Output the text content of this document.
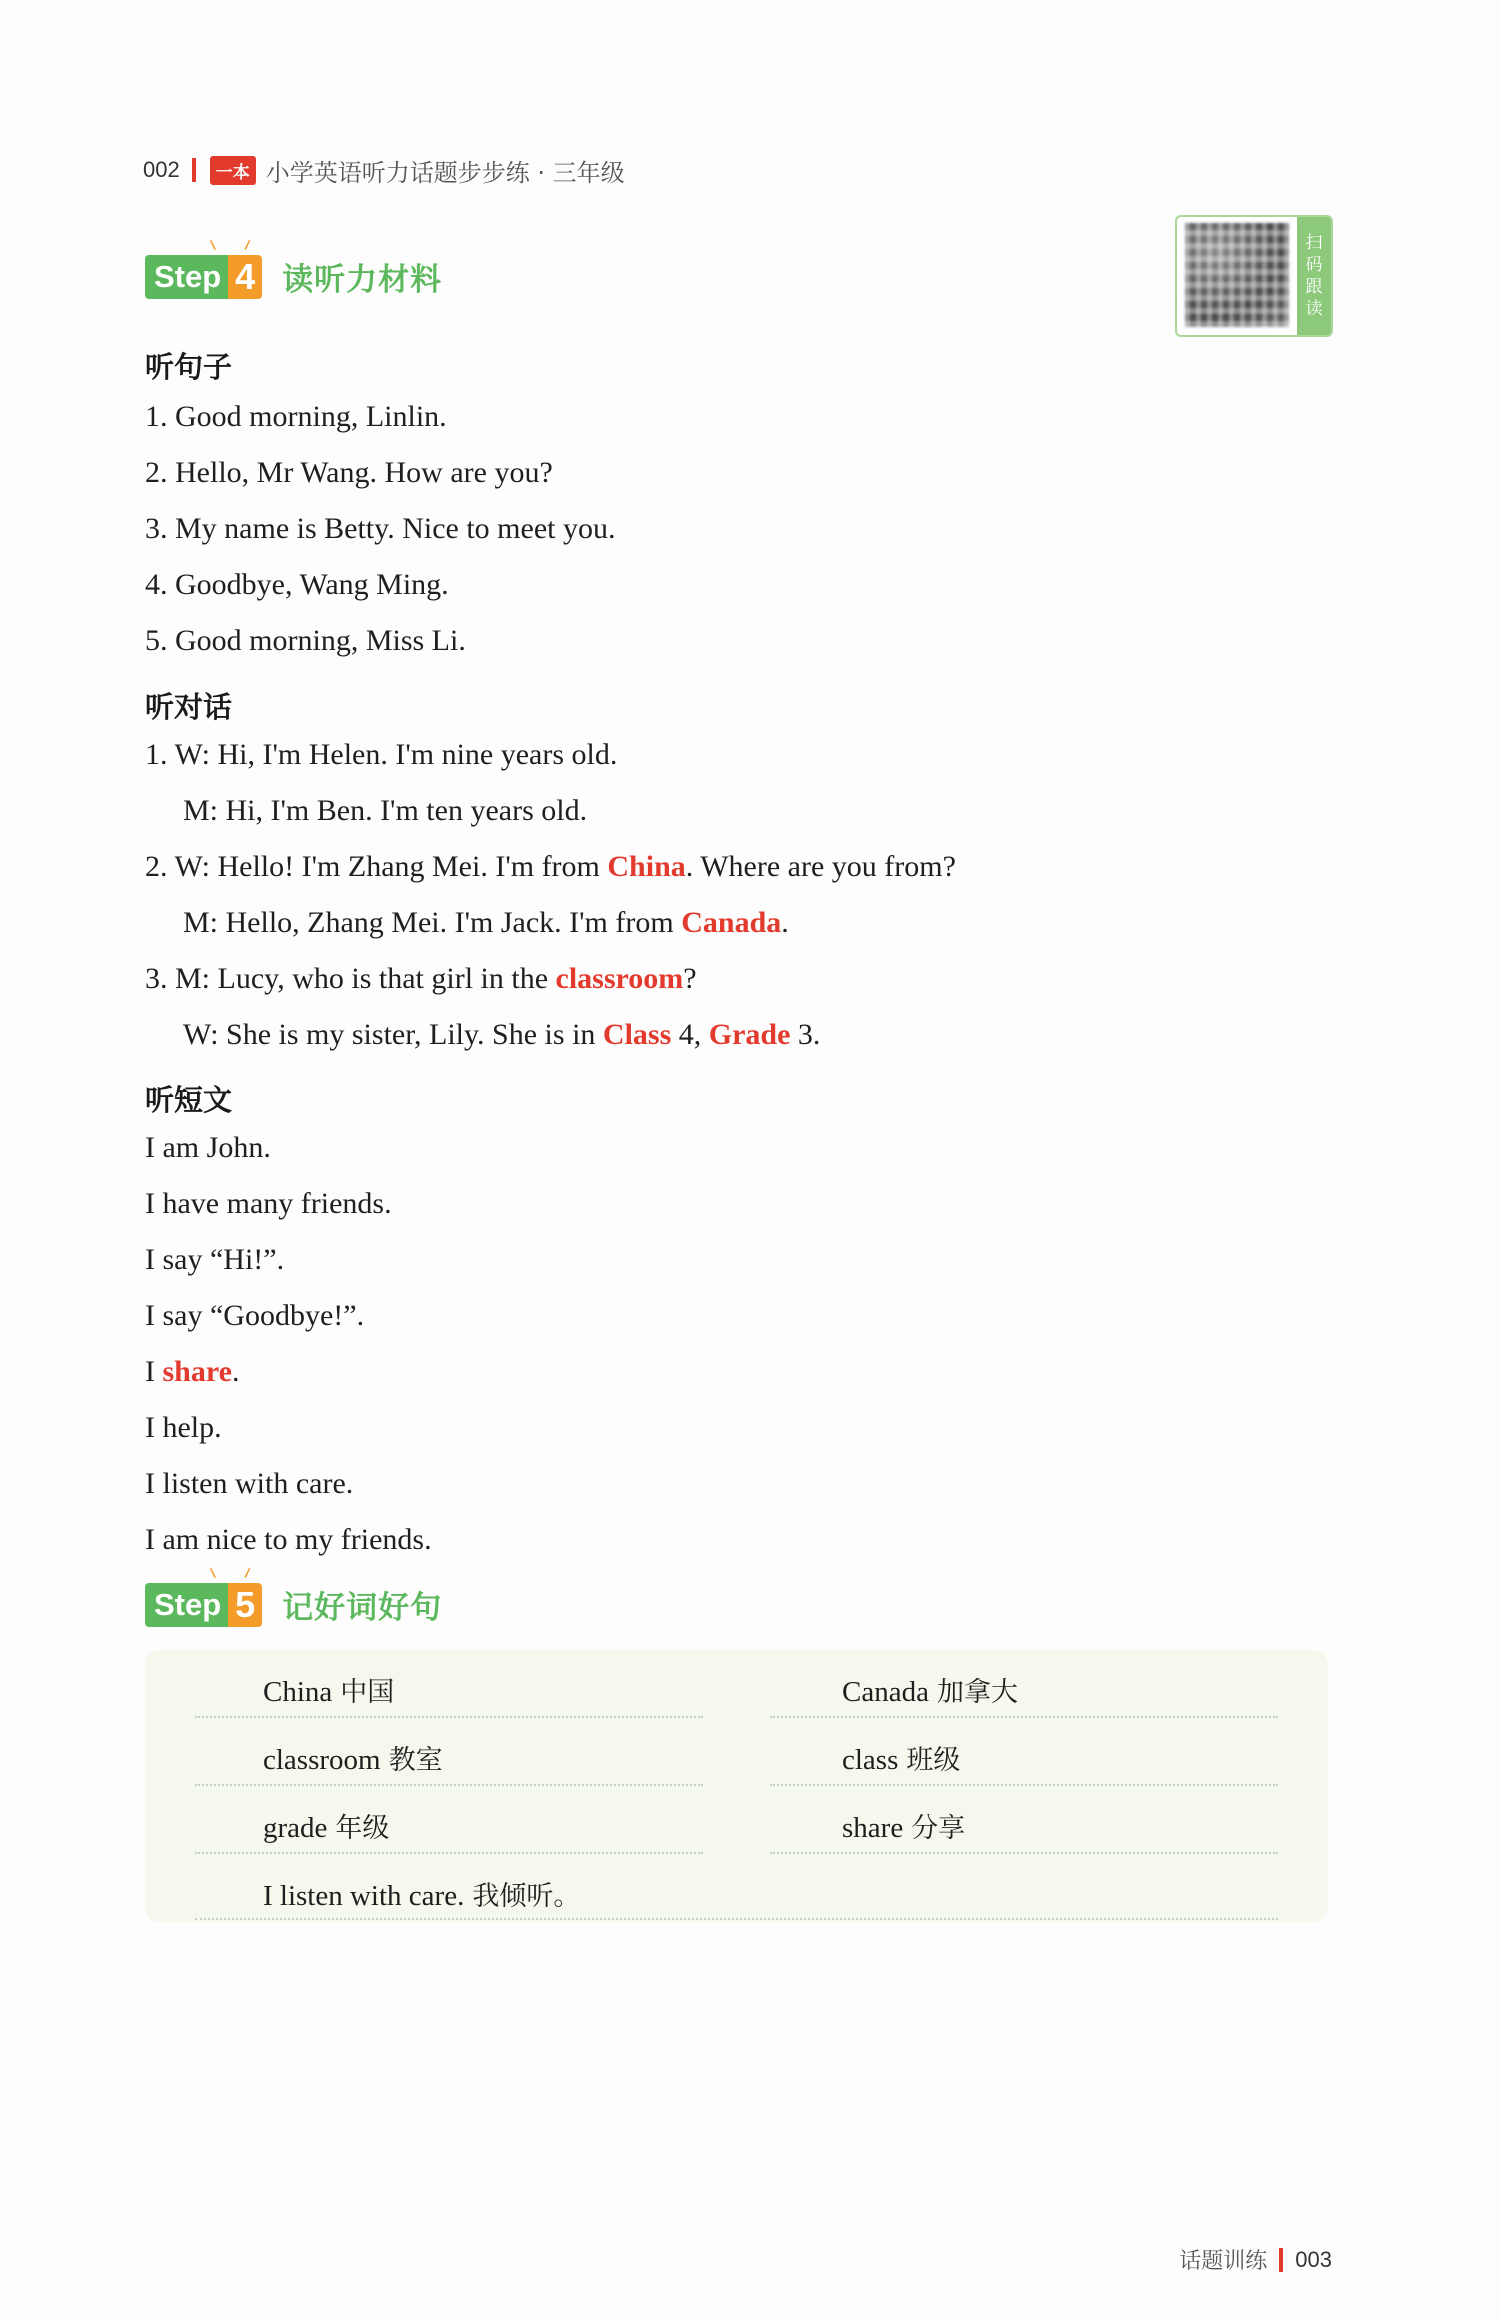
002	一本 小学英语听力话题步步练 · 三年级
Step 4 读听力材料
扫
码
跟
读
听句子
1. Good morning, Linlin.
2. Hello, Mr Wang. How are you?
3. My name is Betty. Nice to meet you.
4. Goodbye, Wang Ming.
5. Good morning, Miss Li.
听对话
1. W: Hi, I'm Helen. I'm nine years old.
M: Hi, I'm Ben. I'm ten years old.
2. W: Hello! I'm Zhang Mei. I'm from China. Where are you from?
M: Hello, Zhang Mei. I'm Jack. I'm from Canada.
3. M: Lucy, who is that girl in the classroom?
W: She is my sister, Lily. She is in Class 4, Grade 3.
听短文
I am John.
I have many friends.
I say “Hi!”.
I say “Goodbye!”.
I share.
I help.
I listen with care.
I am nice to my friends.
Step 5 记好词好句
China 中国	Canada 加拿大
classroom 教室	class 班级
grade 年级	share 分享
I listen with care. 我倾听。
话题训练 003
